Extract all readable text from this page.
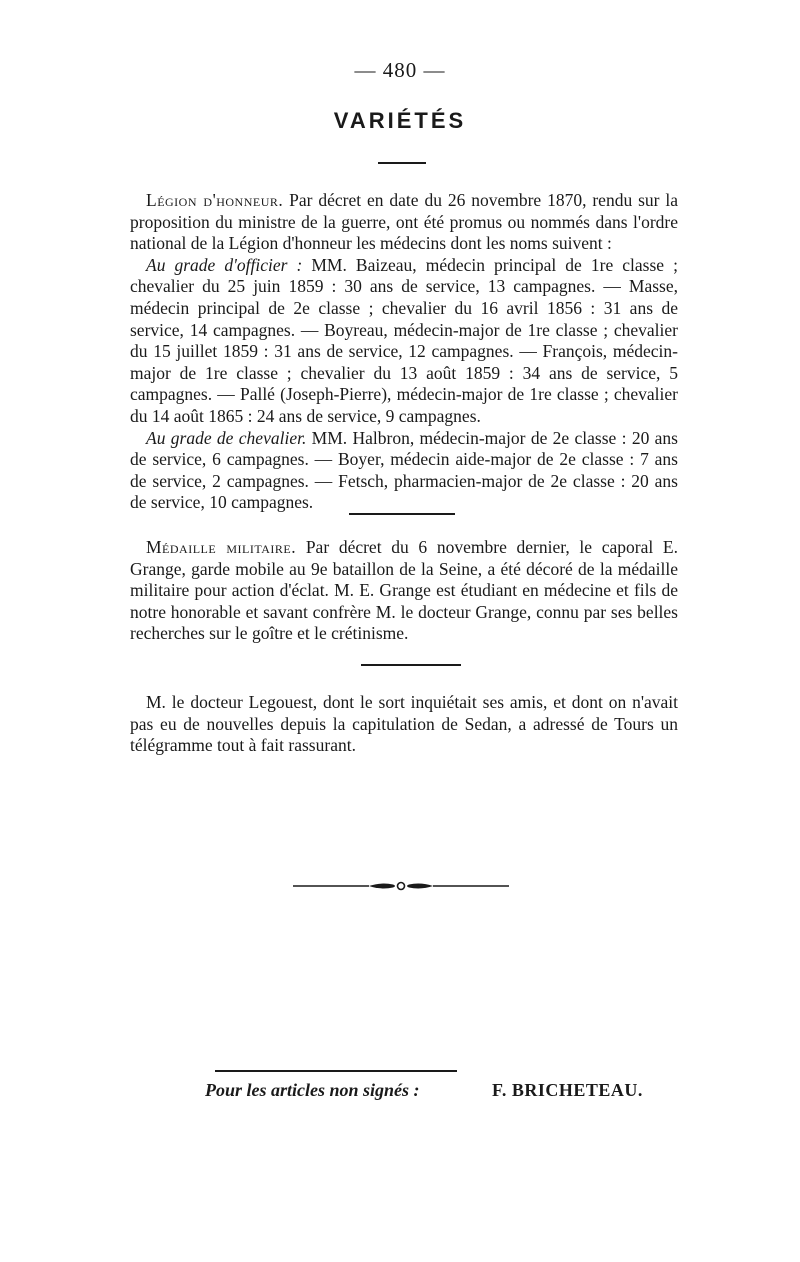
— 480 —
VARIÉTÉS

Légion d'honneur. Par décret en date du 26 novembre 1870, rendu sur la proposition du ministre de la guerre, ont été promus ou nommés dans l'ordre national de la Légion d'honneur les médecins dont les noms suivent :

Au grade d'officier : MM. Baizeau, médecin principal de 1re classe ; chevalier du 25 juin 1859 : 30 ans de service, 13 campagnes. — Masse, médecin principal de 2e classe ; chevalier du 16 avril 1856 : 31 ans de service, 14 campagnes. — Boyreau, médecin-major de 1re classe ; chevalier du 15 juillet 1859 : 31 ans de service, 12 campagnes. — François, médecin-major de 1re classe ; chevalier du 13 août 1859 : 34 ans de service, 5 campagnes. — Pallé (Joseph-Pierre), médecin-major de 1re classe ; chevalier du 14 août 1865 : 24 ans de service, 9 campagnes.

Au grade de chevalier. MM. Halbron, médecin-major de 2e classe : 20 ans de service, 6 campagnes. — Boyer, médecin aide-major de 2e classe : 7 ans de service, 2 campagnes. — Fetsch, pharmacien-major de 2e classe : 20 ans de service, 10 campagnes.

Médaille militaire. Par décret du 6 novembre dernier, le caporal E. Grange, garde mobile au 9e bataillon de la Seine, a été décoré de la médaille militaire pour action d'éclat. M. E. Grange est étudiant en médecine et fils de notre honorable et savant confrère M. le docteur Grange, connu par ses belles recherches sur le goître et le crétinisme.

M. le docteur Legouest, dont le sort inquiétait ses amis, et dont on n'avait pas eu de nouvelles depuis la capitulation de Sedan, a adressé de Tours un télégramme tout à fait rassurant.

Pour les articles non signés :	F. BRICHETEAU.
